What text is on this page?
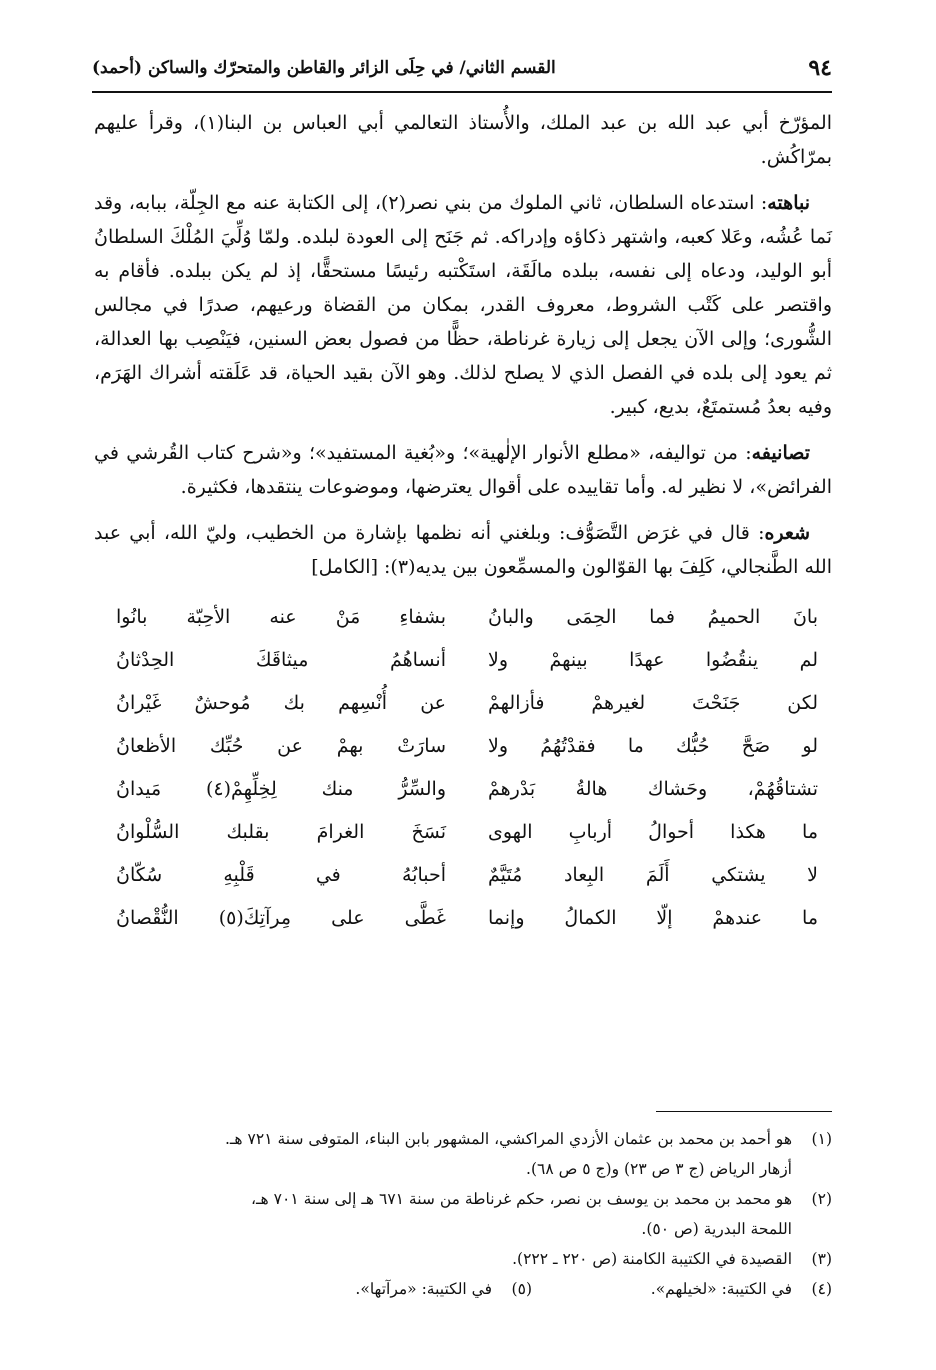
٩٤
القسم الثاني/ في حِلَى الزائر والقاطن والمتحرّك والساكن (أحمد)

المؤرّخ أبي عبد الله بن عبد الملك، والأُستاذ التعالمي أبي العباس بن البنا(١)، وقرأ عليهم بمرّاكُش.

نباهته: استدعاه السلطان، ثاني الملوك من بني نصر(٢)، إلى الكتابة عنه مع الجِلّة، ببابه، وقد نَما عُشُه، وعَلا كعبه، واشتهر ذكاؤه وإدراكه. ثم جَنَح إلى العودة لبلده. ولمّا وُلِّيَ المُلْكَ السلطانُ أبو الوليد، ودعاه إلى نفسه، ببلده مالَقَة، استَكْتبه رئيسًا مستحقًّا، إذ لم يكن ببلده. فأقام به واقتصر على كَتْب الشروط، معروف القدر، بمكان من القضاة ورعيهم، صدرًا في مجالس الشُّورى؛ وإلى الآن يجعل إلى زيارة غرناطة، حظًّا من فصول بعض السنين، فيَنْصِب بها العدالة، ثم يعود إلى بلده في الفصل الذي لا يصلح لذلك. وهو الآن بقيد الحياة، قد عَلَقته أشراك الهَرَم، وفيه بعدُ مُستمتَعٌ، بديع، كبير.

تصانيفه: من تواليفه، «مطلع الأنوار الإلٰهية»؛ و«بُغية المستفيد»؛ و«شرح كتاب القُرشي في الفرائض»، لا نظير له. وأما تقاييده على أقوال يعترضها، وموضوعات ينتقدها، فكثيرة.

شعره: قال في غرَض التَّصَوُّف: وبلغني أنه نظمها بإشارة من الخطيب، وليّ الله، أبي عبد الله الطَّنجالي، كَلِفَ بها القوّالون والمسمِّعون بين يديه(٣): [الكامل]

بانَ الحميمُ فما الحِمَى والبانُ
بشفاءِ مَنْ عنه الأحِبّة بانُوا
لم ينقُضُوا عهدًا بينهمْ ولا
أنساهُمُ ميثاقَكَ الحِدْثانُ
لكن جَنَحْتَ لغيرهمْ فأزالهمْ
عن أُنْسِهم بك مُوحشٌ غَيْرانُ
لو صَحَّ حُبُّك ما فقدْتُهُمُ ولا
سارَتْ بهمْ عن حُبِّك الأظعانُ
تشتاقُهُمْ، وحَشاك هالةُ بَدْرهمْ
والسِّرُّ منك لِخِلِّهِمْ(٤) مَيدانُ
ما هكذا أحوالُ أربابِ الهوى
نَسَخَ الغرامَ بقلبك السُّلْوانُ
لا يشتكي أَلَمَ البِعاد مُتَيَّمٌ
أحبابُهُ في قَلْبِهِ سُكّانُ
ما عندهمْ إلّا الكمالُ وإنما
غَطَّى على مِرآتِكَ(٥) النُّقْصانُ
(١)
هو أحمد بن محمد بن عثمان الأزدي المراكشي، المشهور بابن البناء، المتوفى سنة ٧٢١ هـ.
أزهار الرياض (ج ٣ ص ٢٣) و(ج ٥ ص ٦٨).
(٢)
هو محمد بن محمد بن يوسف بن نصر، حكم غرناطة من سنة ٦٧١ هـ إلى سنة ٧٠١ هـ،
اللمحة البدرية (ص ٥٠).
(٣)
القصيدة في الكتيبة الكامنة (ص ٢٢٠ ـ ٢٢٢).
(٤)
في الكتيبة: «لخيلهم».
(٥)
في الكتيبة: «مرآتها».
